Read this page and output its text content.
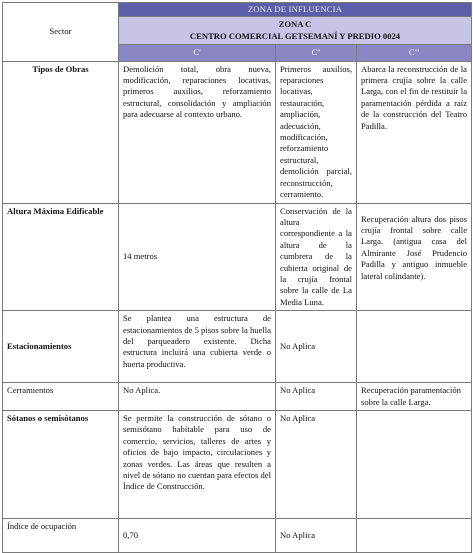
Sector	ZONA DE INFLUENCIA		

	ZONA C
CENTRO COMERCIAL GETSEMANÍ Y PREDIO 0024		

	C'	C''	C'''
Tipos de Obras	Demolición total, obra nueva, modificación, reparaciones locativas, primeros auxilios, reforzamiento estructural, consolidación y ampliación para adecuarse al contexto urbano.	Primeros auxilios, reparaciones locativas, restauración, ampliación, adecuación, modificación, reforzamiento estructural, demolición parcial, reconstrucción, cerramiento.	Abarca la reconstrucción de la primera crujía sobre la calle Larga, con el fin de restituir la paramentación pérdida a raíz de la construcción del Teatro Padilla.
Altura Máxima Edificable	14 metros	Conservación de la altura correspondiente a la altura de la cumbrera de la cubierta original de la crujía frontal sobre la calle de La Media Luna.	Recuperación altura dos pisos crujía frontal sobre calle Larga. (antigua casa del Almirante José Prudencio Padilla y antiguo inmueble lateral colindante).
Estacionamientos	Se plantea una estructura de estacionamientos de 5 pisos sobre la huella del parqueadero existente. Dicha estructura incluirá una cubierta verde o huerta productiva.	No Aplica	
Cerramientos	No Aplica.	No Aplica	Recuperación paramentación sobre la calle Larga.
Sótanos o semisótanos	Se permite la construcción de sótano o semisótano habitable para uso de comercio, servicios, talleres de artes y oficios de bajo impacto, circulaciones y zonas verdes. Las áreas que resulten a nivel de sótano no cuentan para efectos del Índice de Construcción.	No Aplica	
Índice de ocupación	0,70	No Aplica	
